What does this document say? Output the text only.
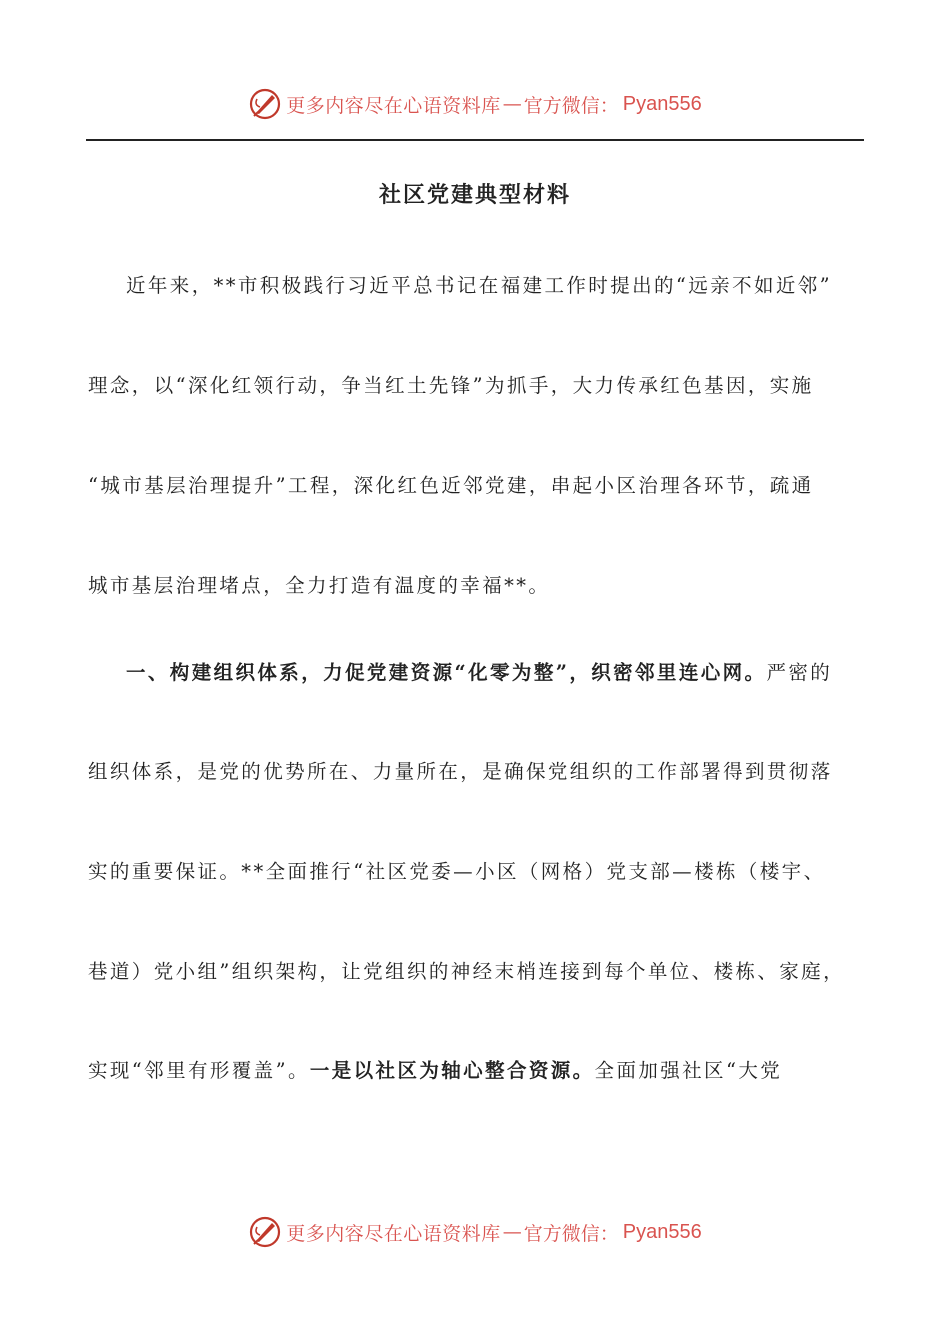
更多内容尽在心语资料库 — 官方微信： Pyan556
社区党建典型材料
近年来，**市积极践行习近平总书记在福建工作时提出的“远亲不如近邻”
理念，以“深化红领行动，争当红土先锋”为抓手，大力传承红色基因，实施
“城市基层治理提升”工程，深化红色近邻党建，串起小区治理各环节，疏通
城市基层治理堵点，全力打造有温度的幸福**。
一、构建组织体系，力促党建资源“化零为整”，织密邻里连心网。严密的
组织体系，是党的优势所在、力量所在，是确保党组织的工作部署得到贯彻落
实的重要保证。**全面推行“社区党委—小区（网格）党支部—楼栋（楼宇、
巷道）党小组”组织架构，让党组织的神经末梢连接到每个单位、楼栋、家庭，
实现“邻里有形覆盖”。一是以社区为轴心整合资源。全面加强社区“大党
更多内容尽在心语资料库 — 官方微信： Pyan556
